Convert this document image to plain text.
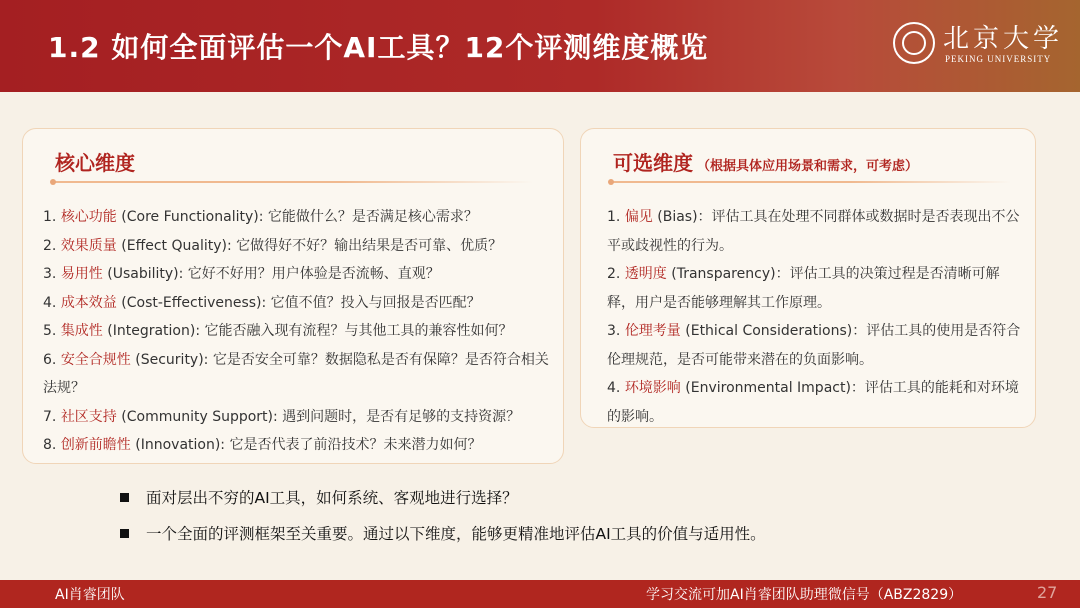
1.2 如何全面评估一个AI工具？12个评测维度概览	北京大学
PEKING UNIVERSITY
核心维度

1. 核心功能 (Core Functionality): 它能做什么？是否满足核心需求？

2. 效果质量 (Effect Quality): 它做得好不好？输出结果是否可靠、优质？

3. 易用性 (Usability): 它好不好用？用户体验是否流畅、直观？

4. 成本效益 (Cost-Effectiveness): 它值不值？投入与回报是否匹配？

5. 集成性 (Integration): 它能否融入现有流程？与其他工具的兼容性如何？

6. 安全合规性 (Security): 它是否安全可靠？数据隐私是否有保障？是否符合相关法规？

7. 社区支持 (Community Support): 遇到问题时，是否有足够的支持资源？

8. 创新前瞻性 (Innovation): 它是否代表了前沿技术？未来潜力如何？

可选维度 （根据具体应用场景和需求，可考虑）

1. 偏见 (Bias)：评估工具在处理不同群体或数据时是否表现出不公平或歧视性的行为。

2. 透明度 (Transparency)：评估工具的决策过程是否清晰可解释，用户是否能够理解其工作原理。

3. 伦理考量 (Ethical Considerations)：评估工具的使用是否符合伦理规范，是否可能带来潜在的负面影响。

4. 环境影响 (Environmental Impact)：评估工具的能耗和对环境的影响。

面对层出不穷的AI工具，如何系统、客观地进行选择？
一个全面的评测框架至关重要。通过以下维度，能够更精准地评估AI工具的价值与适用性。
AI肖睿团队	学习交流可加AI肖睿团队助理微信号（ABZ2829）	27
